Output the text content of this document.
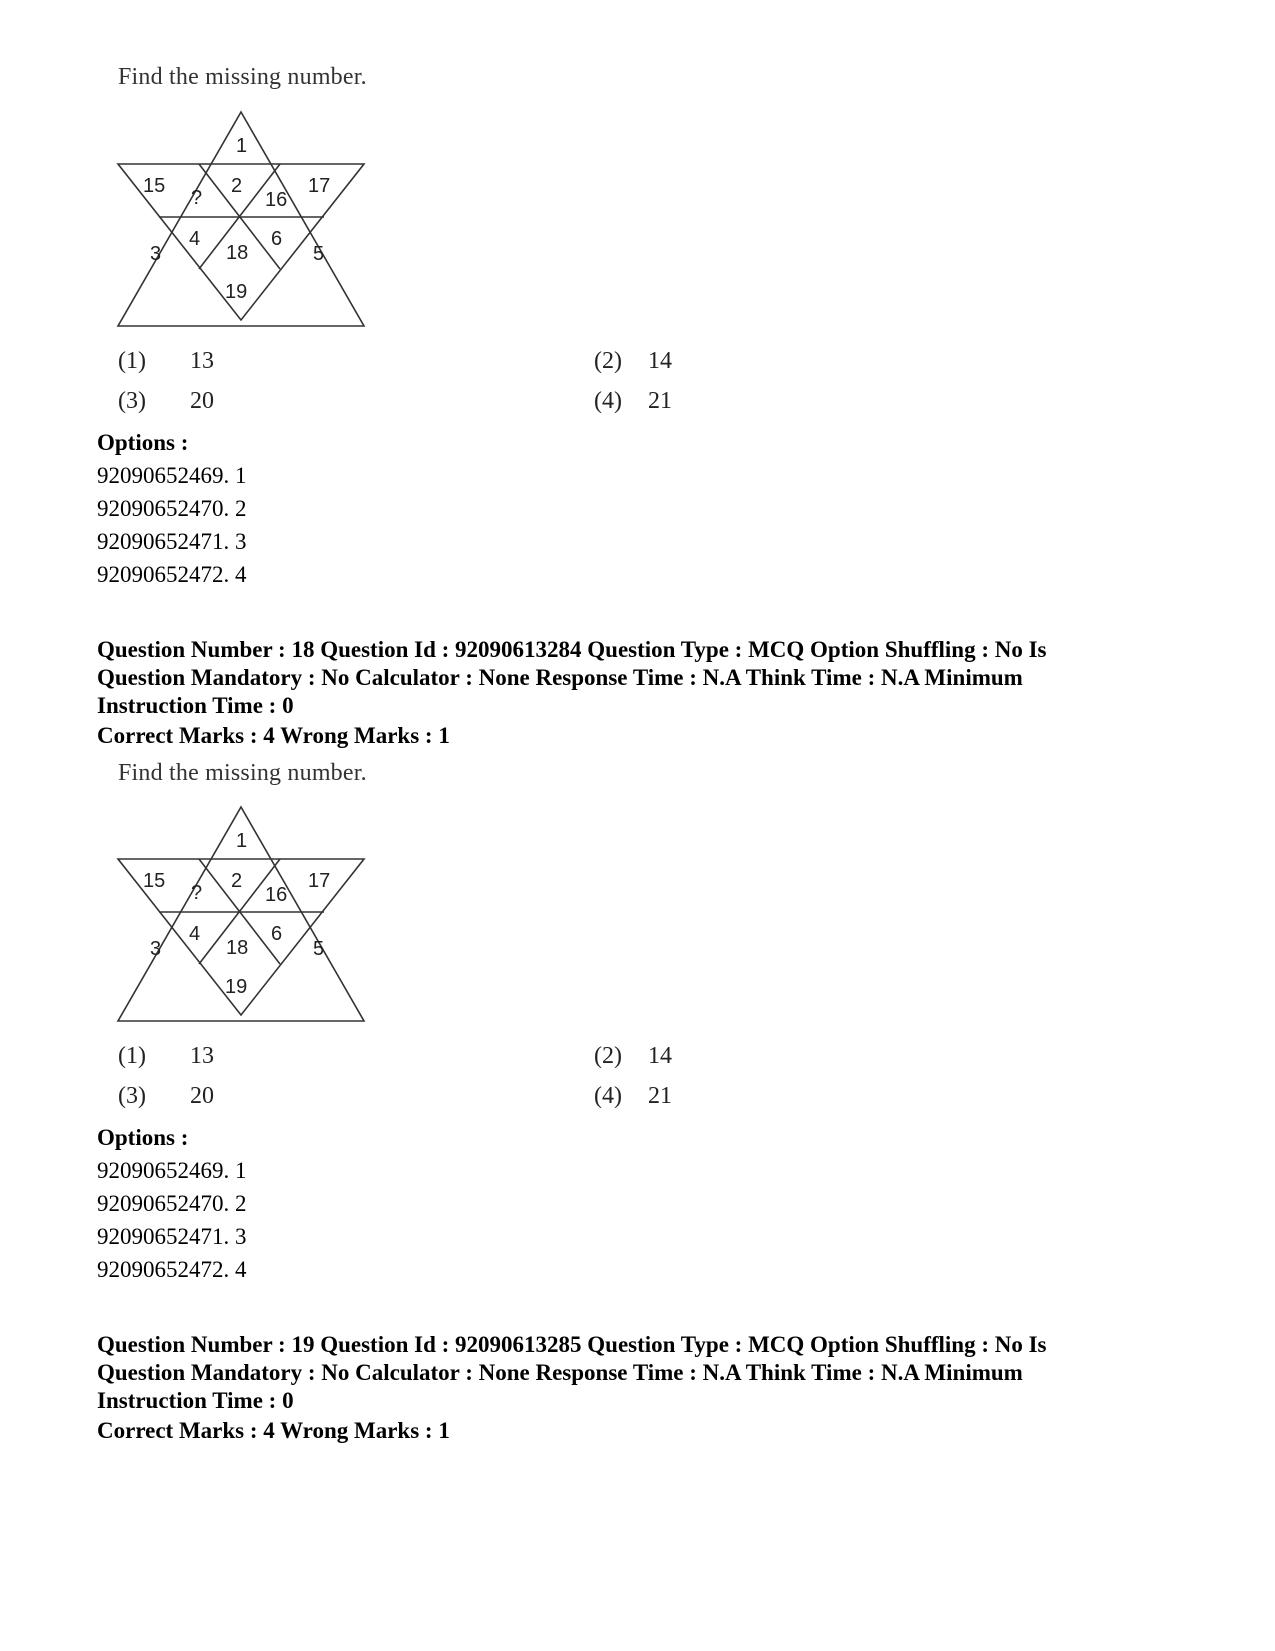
Find the missing number.
1
15
?
2
16
17
3
4
18
6
5
19
(1) 13	(2) 14
(3) 20	(4) 21
Options :
92090652469. 1
92090652470. 2
92090652471. 3
92090652472. 4
Question Number : 18 Question Id : 92090613284 Question Type : MCQ Option Shuffling : No Is
Question Mandatory : No Calculator : None Response Time : N.A Think Time : N.A Minimum
Instruction Time : 0
Correct Marks : 4 Wrong Marks : 1
Find the missing number.
1
15
?
2
16
17
3
4
18
6
5
19
(1) 13	(2) 14
(3) 20	(4) 21
Options :
92090652469. 1
92090652470. 2
92090652471. 3
92090652472. 4
Question Number : 19 Question Id : 92090613285 Question Type : MCQ Option Shuffling : No Is
Question Mandatory : No Calculator : None Response Time : N.A Think Time : N.A Minimum
Instruction Time : 0
Correct Marks : 4 Wrong Marks : 1
